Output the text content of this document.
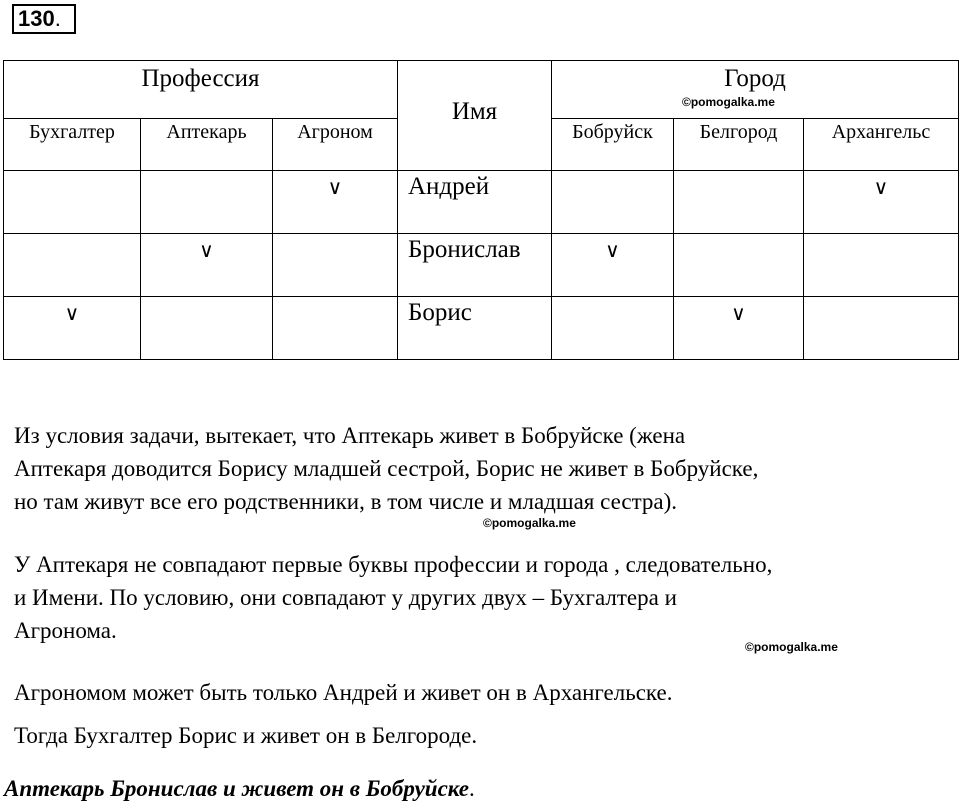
130.
Профессия			Имя	Город
©pomogalka.me		

Бухгалтер	Аптекарь	Агроном		Бобруйск	Белгород	Архангельс
		∨	Андрей			∨
	∨		Бронислав	∨		
∨			Борис		∨	
Из условия задачи, вытекает, что Аптекарь живет в Бобруйске (жена
Аптекаря доводится Борису младшей сестрой, Борис не живет в Бобруйске,
но там живут все его родственники, в том числе и младшая сестра).
©pomogalka.me
У Аптекаря не совпадают первые буквы профессии и города , следовательно,
и Имени. По условию, они совпадают у других двух – Бухгалтера и
Агронома.
©pomogalka.me
Агрономом может быть только Андрей и живет он в Архангельске.
Тогда Бухгалтер Борис и живет он в Белгороде.
Аптекарь Бронислав и живет он в Бобруйске.
